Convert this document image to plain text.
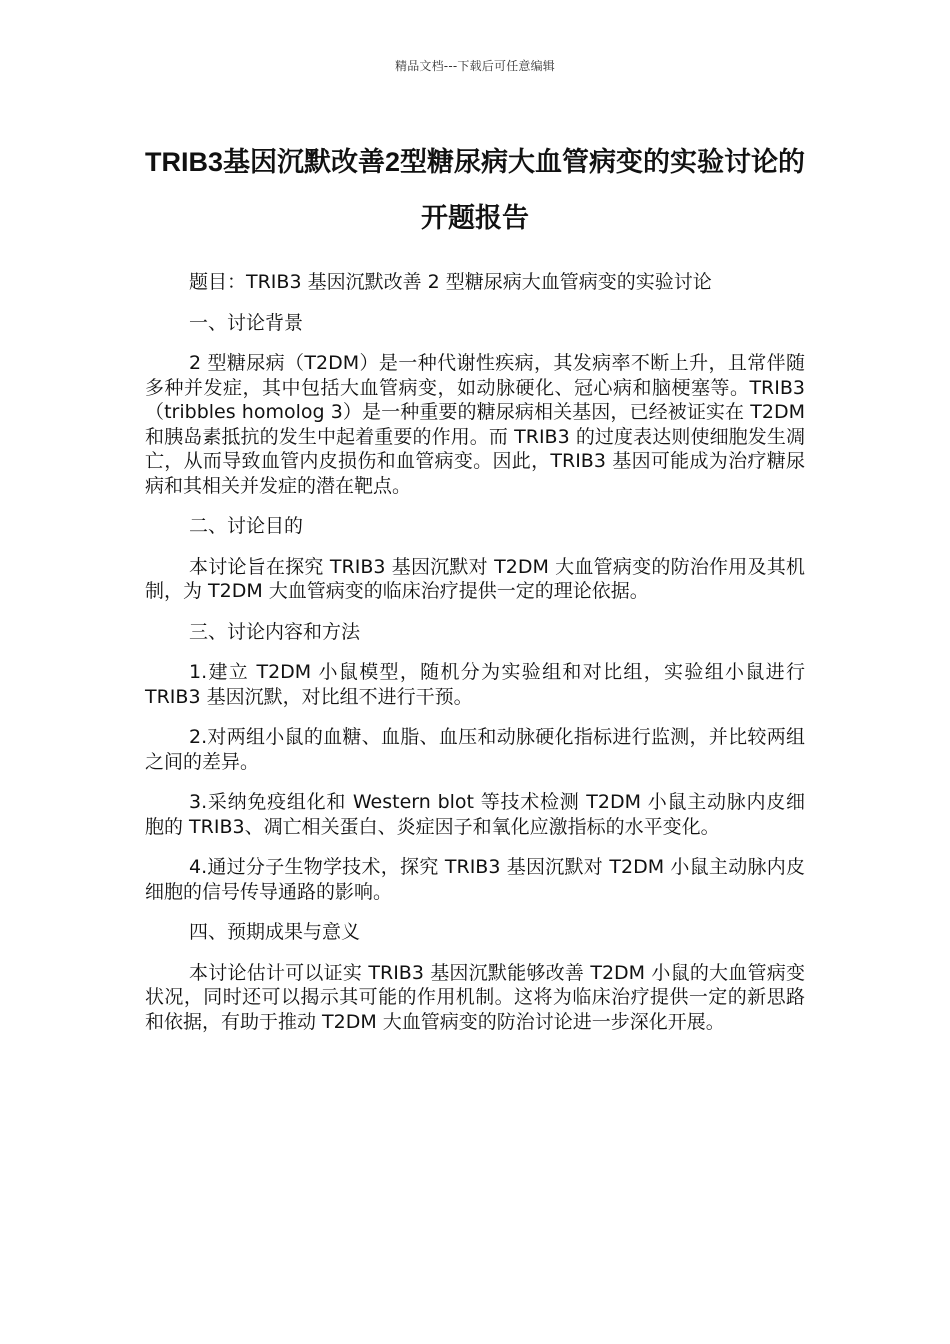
精品文档---下载后可任意编辑
TRIB3基因沉默改善2型糖尿病大血管病变的实验讨论的开题报告

题目：TRIB3 基因沉默改善 2 型糖尿病大血管病变的实验讨论

一、讨论背景

2 型糖尿病（T2DM）是一种代谢性疾病，其发病率不断上升，且常伴随多种并发症，其中包括大血管病变，如动脉硬化、冠心病和脑梗塞等。TRIB3（tribbles homolog 3）是一种重要的糖尿病相关基因，已经被证实在 T2DM 和胰岛素抵抗的发生中起着重要的作用。而 TRIB3 的过度表达则使细胞发生凋亡，从而导致血管内皮损伤和血管病变。因此，TRIB3 基因可能成为治疗糖尿病和其相关并发症的潜在靶点。

二、讨论目的

本讨论旨在探究 TRIB3 基因沉默对 T2DM 大血管病变的防治作用及其机制，为 T2DM 大血管病变的临床治疗提供一定的理论依据。

三、讨论内容和方法

1.建立 T2DM 小鼠模型，随机分为实验组和对比组，实验组小鼠进行 TRIB3 基因沉默，对比组不进行干预。

2.对两组小鼠的血糖、血脂、血压和动脉硬化指标进行监测，并比较两组之间的差异。

3.采纳免疫组化和 Western blot 等技术检测 T2DM 小鼠主动脉内皮细胞的 TRIB3、凋亡相关蛋白、炎症因子和氧化应激指标的水平变化。

4.通过分子生物学技术，探究 TRIB3 基因沉默对 T2DM 小鼠主动脉内皮细胞的信号传导通路的影响。

四、预期成果与意义

本讨论估计可以证实 TRIB3 基因沉默能够改善 T2DM 小鼠的大血管病变状况，同时还可以揭示其可能的作用机制。这将为临床治疗提供一定的新思路和依据，有助于推动 T2DM 大血管病变的防治讨论进一步深化开展。
